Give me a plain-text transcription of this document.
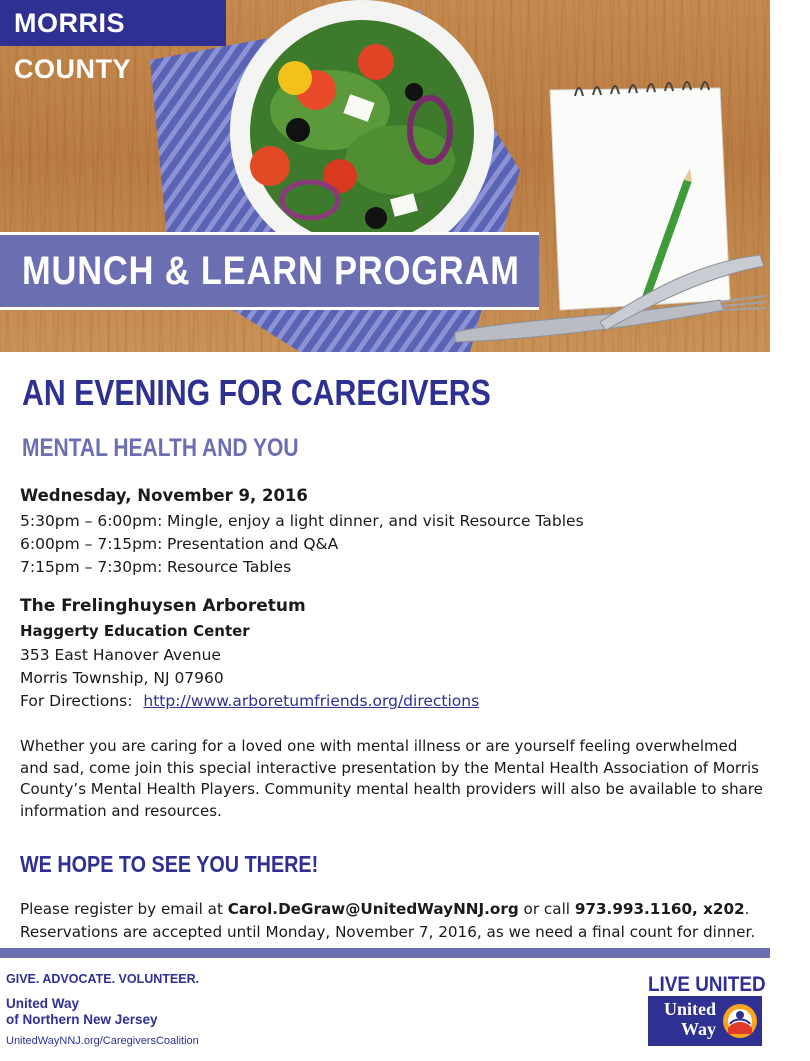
MORRIS COUNTY
MUNCH & LEARN PROGRAM
AN EVENING FOR CAREGIVERS
MENTAL HEALTH AND YOU
Wednesday, November 9, 2016
5:30pm – 6:00pm: Mingle, enjoy a light dinner, and visit Resource Tables
6:00pm – 7:15pm: Presentation and Q&A
7:15pm – 7:30pm: Resource Tables
The Frelinghuysen Arboretum
Haggerty Education Center
353 East Hanover Avenue
Morris Township, NJ 07960
For Directions: http://www.arboretumfriends.org/directions
Whether you are caring for a loved one with mental illness or are yourself feeling overwhelmed and sad, come join this special interactive presentation by the Mental Health Association of Morris County’s Mental Health Players. Community mental health providers will also be available to share information and resources.
WE HOPE TO SEE YOU THERE!
Please register by email at Carol.DeGraw@UnitedWayNNJ.org or call 973.993.1160, x202.
Reservations are accepted until Monday, November 7, 2016, as we need a final count for dinner.
GIVE. ADVOCATE. VOLUNTEER.
United Way
of Northern New Jersey
UnitedWayNNJ.org/CaregiversCoalition
LIVE UNITED
United
Way
